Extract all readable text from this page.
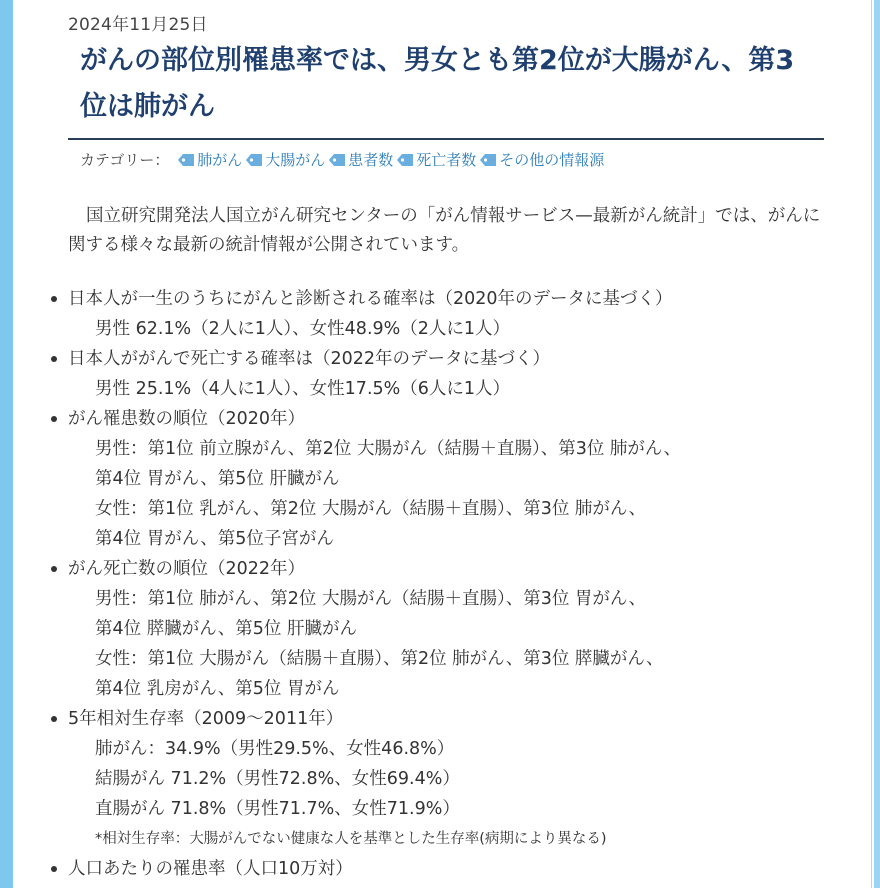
2024年11月25日
がんの部位別罹患率では、男女とも第2位が大腸がん、第3位は肺がん
カテゴリー： 肺がん 大腸がん 患者数 死亡者数 その他の情報源

国立研究開発法人国立がん研究センターの「がん情報サービス—最新がん統計」では、がんに関する様々な最新の統計情報が公開されています。

日本人が一生のうちにがんと診断される確率は（2020年のデータに基づく）
男性 62.1%（2人に1人）、女性48.9%（2人に1人）
日本人ががんで死亡する確率は（2022年のデータに基づく）
男性 25.1%（4人に1人）、女性17.5%（6人に1人）
がん罹患数の順位（2020年）
男性：第1位 前立腺がん、第2位 大腸がん（結腸＋直腸）、第3位 肺がん、
第4位 胃がん、第5位 肝臓がん
女性：第1位 乳がん、第2位 大腸がん（結腸＋直腸）、第3位 肺がん、
第4位 胃がん、第5位子宮がん
がん死亡数の順位（2022年）
男性：第1位 肺がん、第2位 大腸がん（結腸＋直腸）、第3位 胃がん、
第4位 膵臓がん、第5位 肝臓がん
女性：第1位 大腸がん（結腸＋直腸）、第2位 肺がん、第3位 膵臓がん、
第4位 乳房がん、第5位 胃がん
5年相対生存率（2009～2011年）
肺がん：34.9%（男性29.5%、女性46.8%）
結腸がん 71.2%（男性72.8%、女性69.4%）
直腸がん 71.8%（男性71.7%、女性71.9%）
*相対生存率：大腸がんでない健康な人を基準とした生存率(病期により異なる)
人口あたりの罹患率（人口10万対）
